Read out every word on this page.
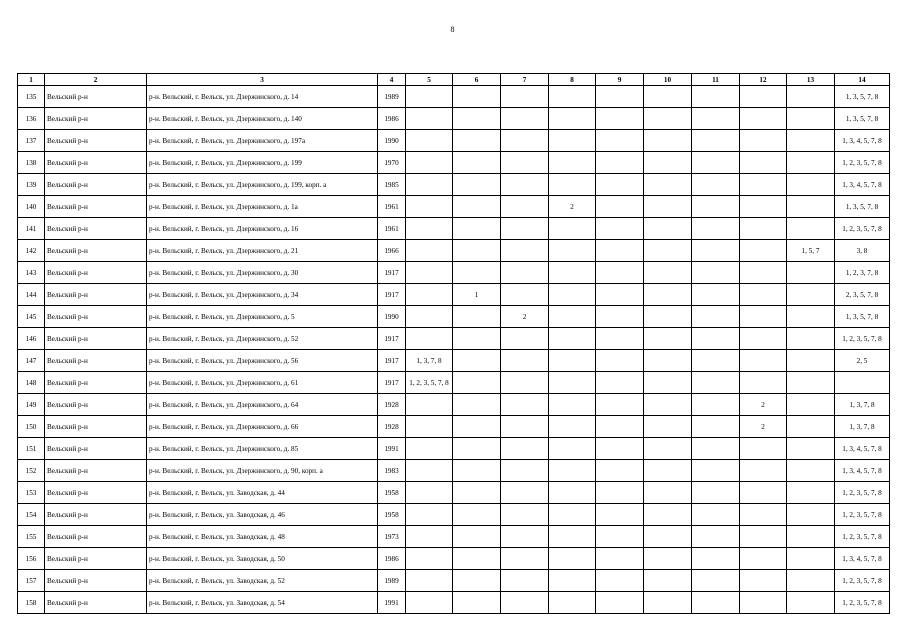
8
1	2	3	4	5	6	7	8	9	10	11	12	13	14
135	Вельский р-н	р-н. Вельский, г. Вельск, ул. Дзержинского, д. 14	1989										1, 3, 5, 7, 8
136	Вельский р-н	р-н. Вельский, г. Вельск, ул. Дзержинского, д. 140	1986										1, 3, 5, 7, 8
137	Вельский р-н	р-н. Вельский, г. Вельск, ул. Дзержинского, д. 197а	1990										1, 3, 4, 5, 7, 8
138	Вельский р-н	р-н. Вельский, г. Вельск, ул. Дзержинского, д. 199	1970										1, 2, 3, 5, 7, 8
139	Вельский р-н	р-н. Вельский, г. Вельск, ул. Дзержинского, д. 199, корп. а	1985										1, 3, 4, 5, 7, 8
140	Вельский р-н	р-н. Вельский, г. Вельск, ул. Дзержинского, д. 1а	1961				2						1, 3, 5, 7, 8
141	Вельский р-н	р-н. Вельский, г. Вельск, ул. Дзержинского, д. 16	1961										1, 2, 3, 5, 7, 8
142	Вельский р-н	р-н. Вельский, г. Вельск, ул. Дзержинского, д. 21	1966									1, 5, 7	3, 8
143	Вельский р-н	р-н. Вельский, г. Вельск, ул. Дзержинского, д. 30	1917										1, 2, 3, 7, 8
144	Вельский р-н	р-н. Вельский, г. Вельск, ул. Дзержинского, д. 34	1917		1								2, 3, 5, 7, 8
145	Вельский р-н	р-н. Вельский, г. Вельск, ул. Дзержинского, д. 5	1990			2							1, 3, 5, 7, 8
146	Вельский р-н	р-н. Вельский, г. Вельск, ул. Дзержинского, д. 52	1917										1, 2, 3, 5, 7, 8
147	Вельский р-н	р-н. Вельский, г. Вельск, ул. Дзержинского, д. 56	1917	1, 3, 7, 8									2, 5
148	Вельский р-н	р-н. Вельский, г. Вельск, ул. Дзержинского, д. 61	1917	1, 2, 3, 5, 7, 8									
149	Вельский р-н	р-н. Вельский, г. Вельск, ул. Дзержинского, д. 64	1928								2		1, 3, 7, 8
150	Вельский р-н	р-н. Вельский, г. Вельск, ул. Дзержинского, д. 66	1928								2		1, 3, 7, 8
151	Вельский р-н	р-н. Вельский, г. Вельск, ул. Дзержинского, д. 85	1991										1, 3, 4, 5, 7, 8
152	Вельский р-н	р-н. Вельский, г. Вельск, ул. Дзержинского, д. 90, корп. а	1983										1, 3, 4, 5, 7, 8
153	Вельский р-н	р-н. Вельский, г. Вельск, ул. Заводская, д. 44	1958										1, 2, 3, 5, 7, 8
154	Вельский р-н	р-н. Вельский, г. Вельск, ул. Заводская, д. 46	1958										1, 2, 3, 5, 7, 8
155	Вельский р-н	р-н. Вельский, г. Вельск, ул. Заводская, д. 48	1973										1, 2, 3, 5, 7, 8
156	Вельский р-н	р-н. Вельский, г. Вельск, ул. Заводская, д. 50	1986										1, 3, 4, 5, 7, 8
157	Вельский р-н	р-н. Вельский, г. Вельск, ул. Заводская, д. 52	1989										1, 2, 3, 5, 7, 8
158	Вельский р-н	р-н. Вельский, г. Вельск, ул. Заводская, д. 54	1991										1, 2, 3, 5, 7, 8
